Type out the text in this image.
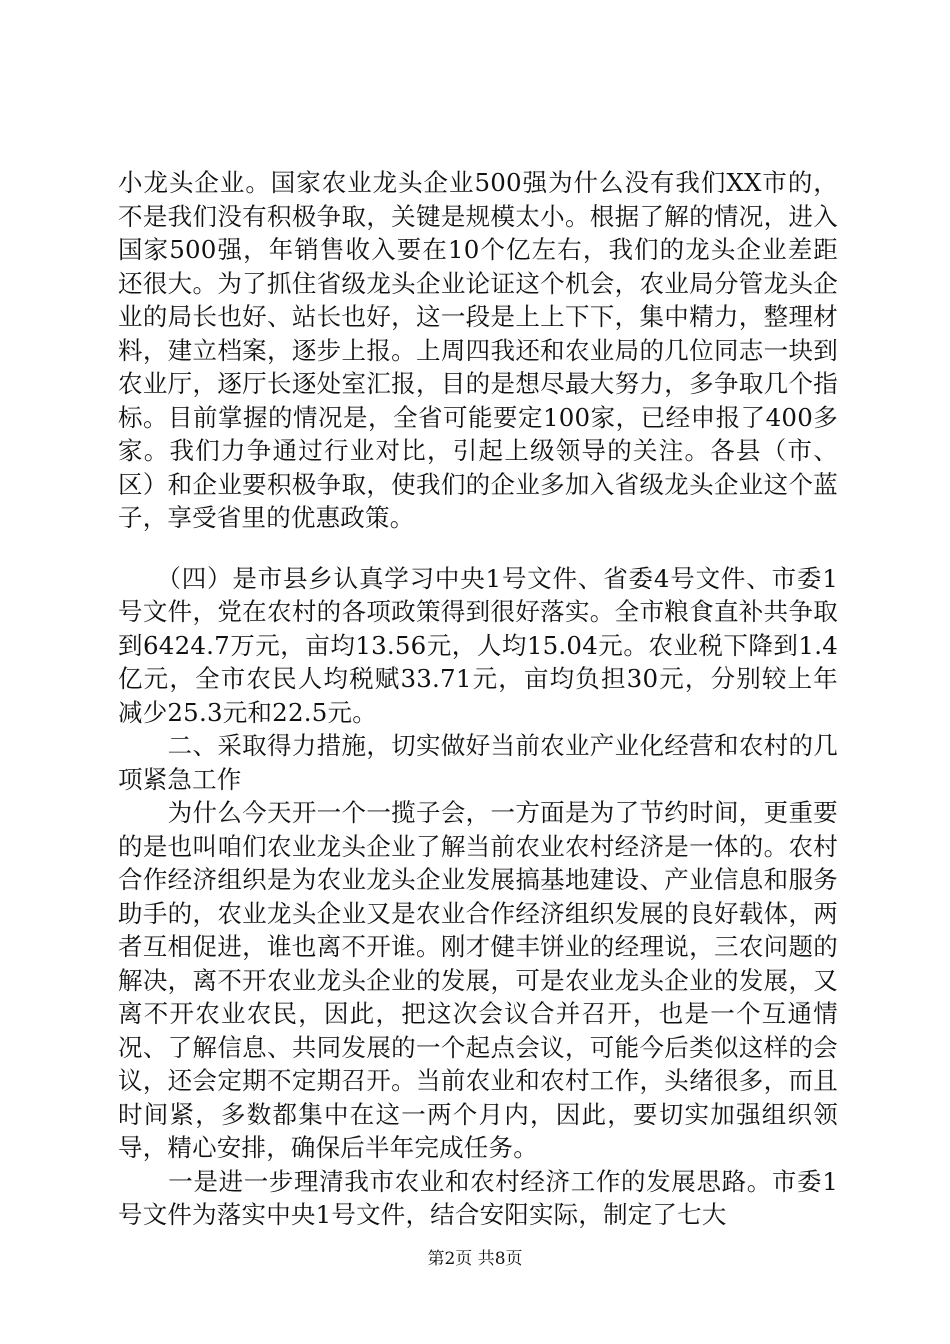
小龙头企业。国家农业龙头企业500强为什么没有我们XX市的，不是我们没有积极争取，关键是规模太小。根据了解的情况，进入国家500强，年销售收入要在10个亿左右，我们的龙头企业差距还很大。为了抓住省级龙头企业论证这个机会，农业局分管龙头企业的局长也好、站长也好，这一段是上上下下，集中精力，整理材料，建立档案，逐步上报。上周四我还和农业局的几位同志一块到农业厅，逐厅长逐处室汇报，目的是想尽最大努力，多争取几个指标。目前掌握的情况是，全省可能要定100家，已经申报了400多家。我们力争通过行业对比，引起上级领导的关注。各县（市、区）和企业要积极争取，使我们的企业多加入省级龙头企业这个蓝子，享受省里的优惠政策。

　　（四）是市县乡认真学习中央1号文件、省委4号文件、市委1号文件，党在农村的各项政策得到很好落实。全市粮食直补共争取到6424.7万元，亩均13.56元，人均15.04元。农业税下降到1.4亿元，全市农民人均税赋33.71元，亩均负担30元，分别较上年减少25.3元和22.5元。

　　二、采取得力措施，切实做好当前农业产业化经营和农村的几项紧急工作

　　为什么今天开一个一揽子会，一方面是为了节约时间，更重要的是也叫咱们农业龙头企业了解当前农业农村经济是一体的。农村合作经济组织是为农业龙头企业发展搞基地建设、产业信息和服务助手的，农业龙头企业又是农业合作经济组织发展的良好载体，两者互相促进，谁也离不开谁。刚才健丰饼业的经理说，三农问题的解决，离不开农业龙头企业的发展，可是农业龙头企业的发展，又离不开农业农民，因此，把这次会议合并召开，也是一个互通情况、了解信息、共同发展的一个起点会议，可能今后类似这样的会议，还会定期不定期召开。当前农业和农村工作，头绪很多，而且时间紧，多数都集中在这一两个月内，因此，要切实加强组织领导，精心安排，确保后半年完成任务。

　　一是进一步理清我市农业和农村经济工作的发展思路。市委1号文件为落实中央1号文件，结合安阳实际，制定了七大

第2页 共8页
